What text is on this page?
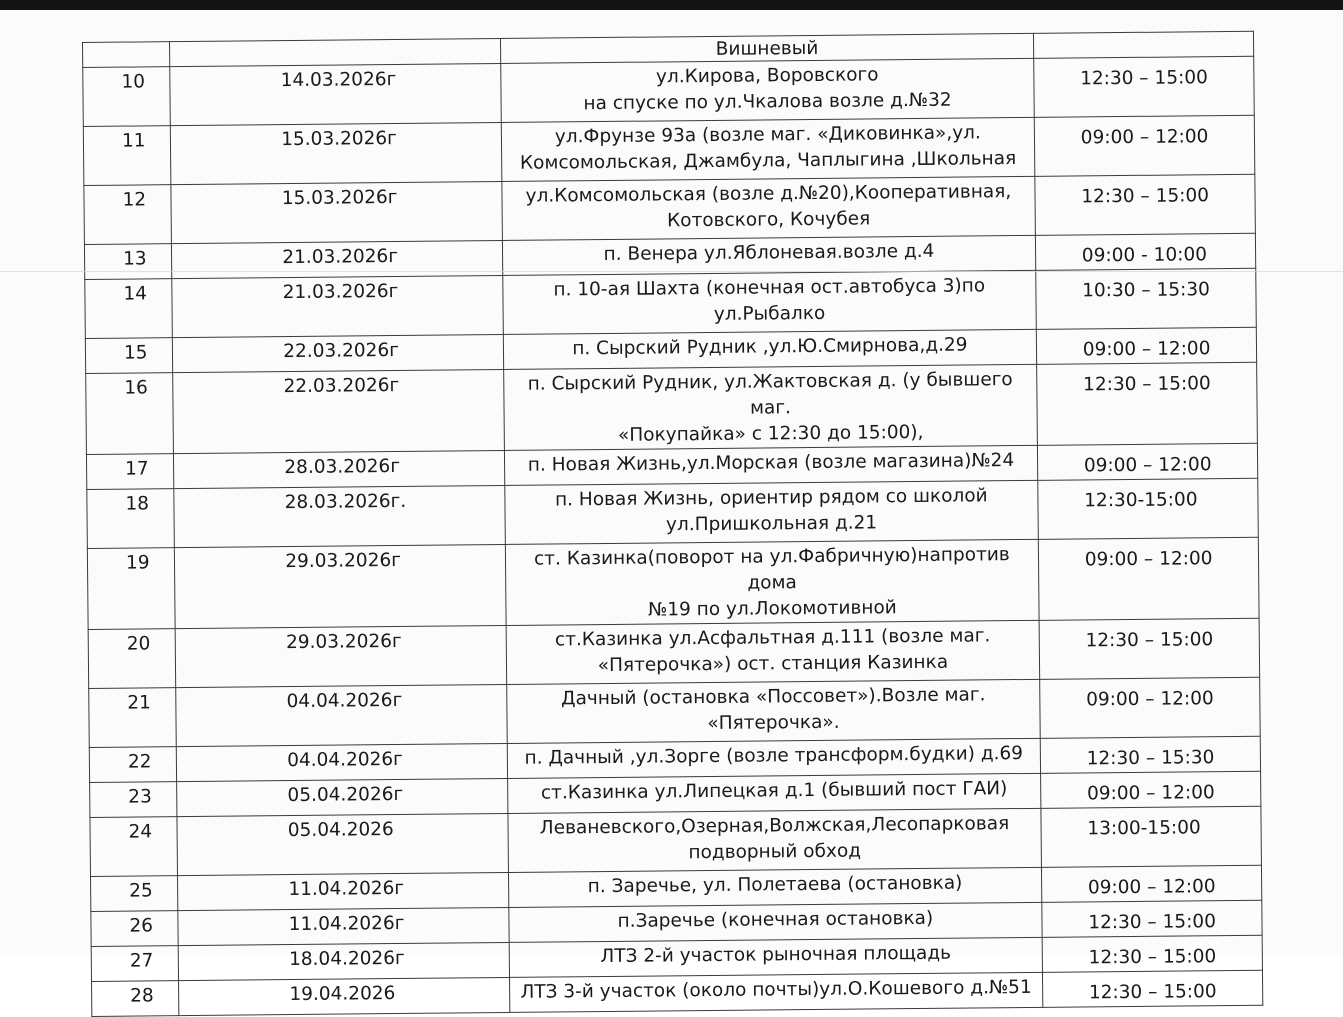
		Вишневый	
10	14.03.2026г	ул.Кирова, Воровского
на спуске по ул.Чкалова возле д.№32	12:30 – 15:00
11	15.03.2026г	ул.Фрунзе 93а (возле маг. «Диковинка»,ул.
Комсомольская, Джамбула, Чаплыгина ,Школьная	09:00 – 12:00
12	15.03.2026г	ул.Комсомольская (возле д.№20),Кооперативная,
Котовского, Кочубея	12:30 – 15:00
13	21.03.2026г	п. Венера ул.Яблоневая.возле д.4	09:00 - 10:00
14	21.03.2026г	п. 10-ая Шахта (конечная ост.автобуса 3)по
ул.Рыбалко	10:30 – 15:30
15	22.03.2026г	п. Сырский Рудник ,ул.Ю.Смирнова,д.29	09:00 – 12:00
16	22.03.2026г	п. Сырский Рудник, ул.Жактовская д. (у бывшего маг.
«Покупайка» с 12:30 до 15:00),	12:30 – 15:00
17	28.03.2026г	п. Новая Жизнь,ул.Морская (возле магазина)№24	09:00 – 12:00
18	28.03.2026г.	п. Новая Жизнь, ориентир рядом со школой
ул.Пришкольная д.21	12:30-15:00
19	29.03.2026г	ст. Казинка(поворот на ул.Фабричную)напротив дома
№19 по ул.Локомотивной	09:00 – 12:00
20	29.03.2026г	ст.Казинка ул.Асфальтная д.111 (возле маг.
«Пятерочка») ост. станция Казинка	12:30 – 15:00
21	04.04.2026г	Дачный (остановка «Поссовет»).Возле маг.
«Пятерочка».	09:00 – 12:00
22	04.04.2026г	п. Дачный ,ул.Зорге (возле трансформ.будки) д.69	12:30 – 15:30
23	05.04.2026г	ст.Казинка ул.Липецкая д.1 (бывший пост ГАИ)	09:00 – 12:00
24	05.04.2026	Леваневского,Озерная,Волжская,Лесопарковая
подворный обход	13:00-15:00
25	11.04.2026г	п. Заречье, ул. Полетаева (остановка)	09:00 – 12:00
26	11.04.2026г	п.Заречье (конечная остановка)	12:30 – 15:00
27	18.04.2026г	ЛТЗ 2-й участок рыночная площадь	12:30 – 15:00
28	19.04.2026	ЛТЗ 3-й участок (около почты)ул.О.Кошевого д.№51	12:30 – 15:00
